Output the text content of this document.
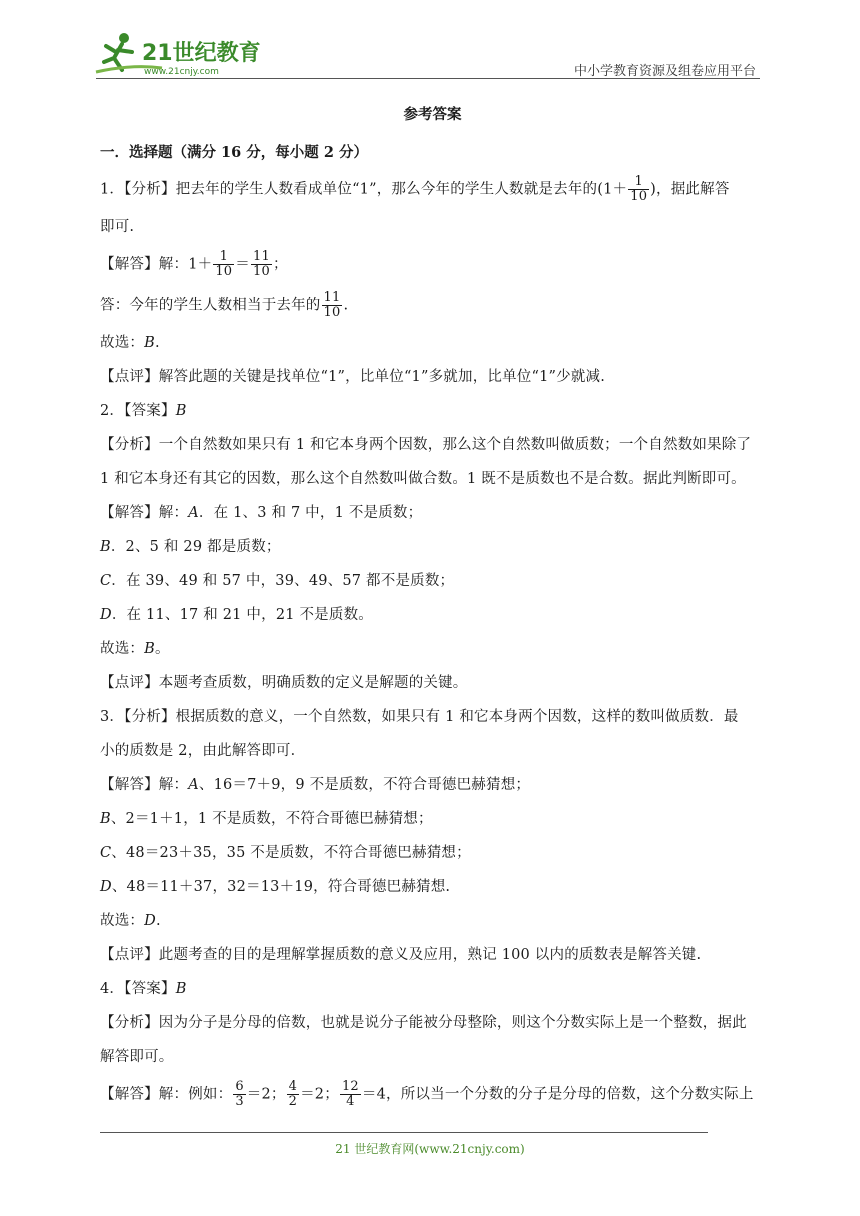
21世纪教育
www.21cnjy.com	中小学教育资源及组卷应用平台
参考答案
一．选择题（满分 16 分，每小题 2 分）
1．【分析】把去年的学生人数看成单位“1”，那么今年的学生人数就是去年的($1+ \frac{1}{10}$ )，据此解答
即可.
【解答】解：$1+ \frac{1}{10} = \frac{11}{10}$ ；
答：今年的学生人数相当于去年的 $\frac{11}{10}$ .
故选：B.
【点评】解答此题的关键是找单位“1”，比单位“1”多就加，比单位“1”少就减.
2．【答案】B
【分析】一个自然数如果只有 1 和它本身两个因数，那么这个自然数叫做质数；一个自然数如果除了
1 和它本身还有其它的因数，那么这个自然数叫做合数。1 既不是质数也不是合数。据此判断即可。
【解答】解：A．在 1、3 和 7 中，1 不是质数；
B．2、5 和 29 都是质数；
C．在 39、49 和 57 中，39、49、57 都不是质数；
D．在 11、17 和 21 中，21 不是质数。
故选：B。
【点评】本题考查质数，明确质数的定义是解题的关键。
3．【分析】根据质数的意义，一个自然数，如果只有 1 和它本身两个因数，这样的数叫做质数．最
小的质数是 2，由此解答即可．
【解答】解：A、16＝7＋9，9 不是质数，不符合哥德巴赫猜想；
B、2＝1＋1，1 不是质数，不符合哥德巴赫猜想；
C、48＝23＋35，35 不是质数，不符合哥德巴赫猜想；
D、48＝11＋37，32＝13＋19，符合哥德巴赫猜想.
故选：D.
【点评】此题考查的目的是理解掌握质数的意义及应用，熟记 100 以内的质数表是解答关键.
4．【答案】B
【分析】因为分子是分母的倍数，也就是说分子能被分母整除，则这个分数实际上是一个整数，据此
解答即可。
【解答】解：例如： $\frac{6}{3} =2$； $\frac{4}{2} =2$； $\frac{12}{4} =4$，所以当一个分数的分子是分母的倍数，这个分数实际上
21 世纪教育网(www.21cnjy.com)
